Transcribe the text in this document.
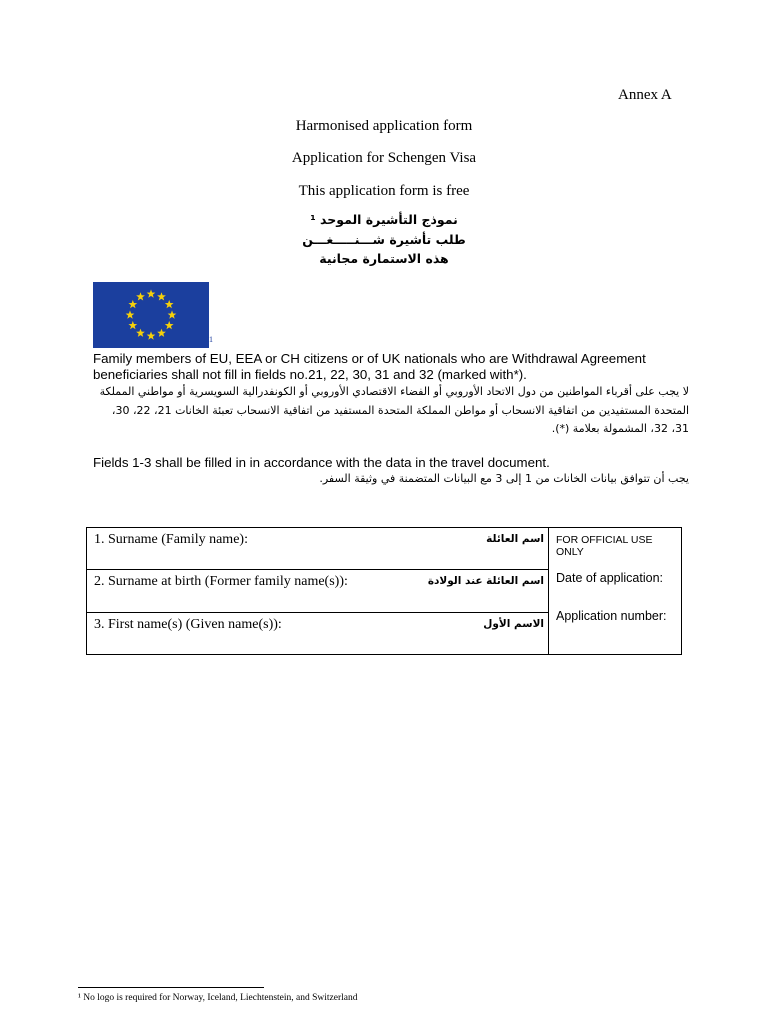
Annex A
Harmonised application form
Application for Schengen Visa
This application form is free
نموذج التأشيرة الموحد ¹
طلب تأشيرة شـــنـــــغـــن
هذه الاستمارة مجانية
1
Family members of EU, EEA or CH citizens or of UK nationals who are Withdrawal Agreement beneficiaries shall not fill in fields no.21, 22, 30, 31 and 32 (marked with*).
لا يجب على أقرباء المواطنين من دول الاتحاد الأوروبي أو الفضاء الاقتصادي الأوروبي أو الكونفدرالية السويسرية أو مواطني المملكة المتحدة المستفيدين من اتفاقية الانسحاب أو مواطن المملكة المتحدة المستفيد من اتفاقية الانسحاب تعبئة الخانات 21، 22، 30، 31، 32، المشمولة بعلامة (*).
Fields 1-3 shall be filled in in accordance with the data in the travel document.
يجب أن تتوافق بيانات الخانات من 1 إلى 3 مع البيانات المتضمنة في وثيقة السفر.
1. Surname (Family name):	اسم العائلة
2. Surname at birth (Former family name(s)):	اسم العائلة عند الولادة
3. First name(s) (Given name(s)):	الاسم الأول
FOR OFFICIAL USE ONLY
Date of application:
Application number:
¹ No logo is required for Norway, Iceland, Liechtenstein, and Switzerland
